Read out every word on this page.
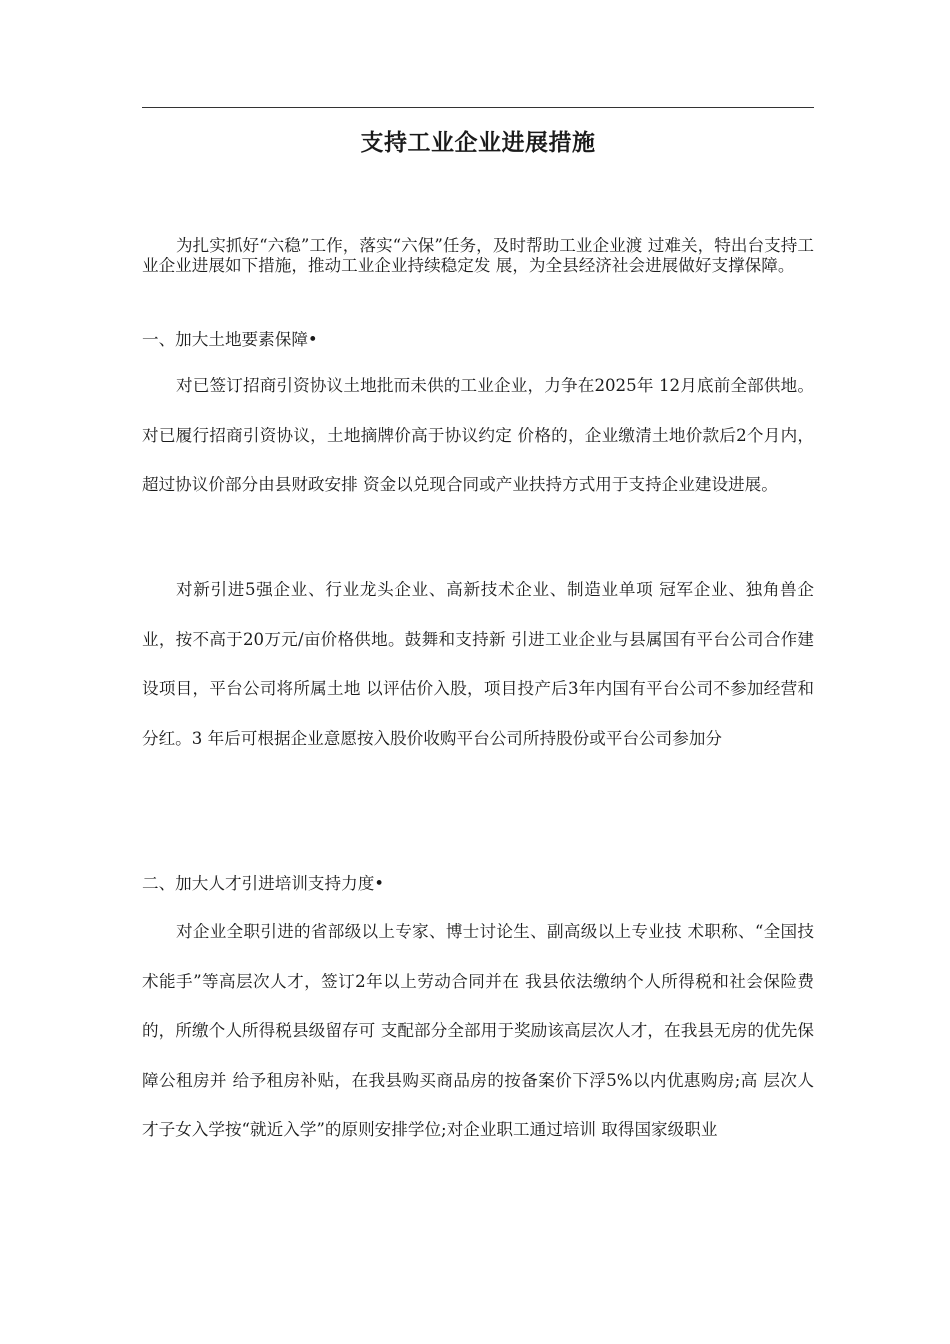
支持工业企业进展措施

为扎实抓好“六稳”工作，落实“六保”任务，及时帮助工业企业渡 过难关，特出台支持工业企业进展如下措施，推动工业企业持续稳定发 展，为全县经济社会进展做好支撑保障。

一、加大土地要素保障•

对已签订招商引资协议土地批而未供的工业企业，力争在2025年 12月底前全部供地。对已履行招商引资协议，土地摘牌价高于协议约定 价格的，企业缴清土地价款后2个月内，超过协议价部分由县财政安排 资金以兑现合同或产业扶持方式用于支持企业建设进展。

对新引进5强企业、行业龙头企业、高新技术企业、制造业单项 冠军企业、独角兽企业，按不高于20万元/亩价格供地。鼓舞和支持新 引进工业企业与县属国有平台公司合作建设项目，平台公司将所属土地 以评估价入股，项目投产后3年内国有平台公司不参加经营和分红。3 年后可根据企业意愿按入股价收购平台公司所持股份或平台公司参加分

二、加大人才引进培训支持力度•

对企业全职引进的省部级以上专家、博士讨论生、副高级以上专业技 术职称、“全国技术能手”等高层次人才，签订2年以上劳动合同并在 我县依法缴纳个人所得税和社会保险费的，所缴个人所得税县级留存可 支配部分全部用于奖励该高层次人才，在我县无房的优先保障公租房并 给予租房补贴，在我县购买商品房的按备案价下浮5%以内优惠购房;高 层次人才子女入学按“就近入学”的原则安排学位;对企业职工通过培训 取得国家级职业
